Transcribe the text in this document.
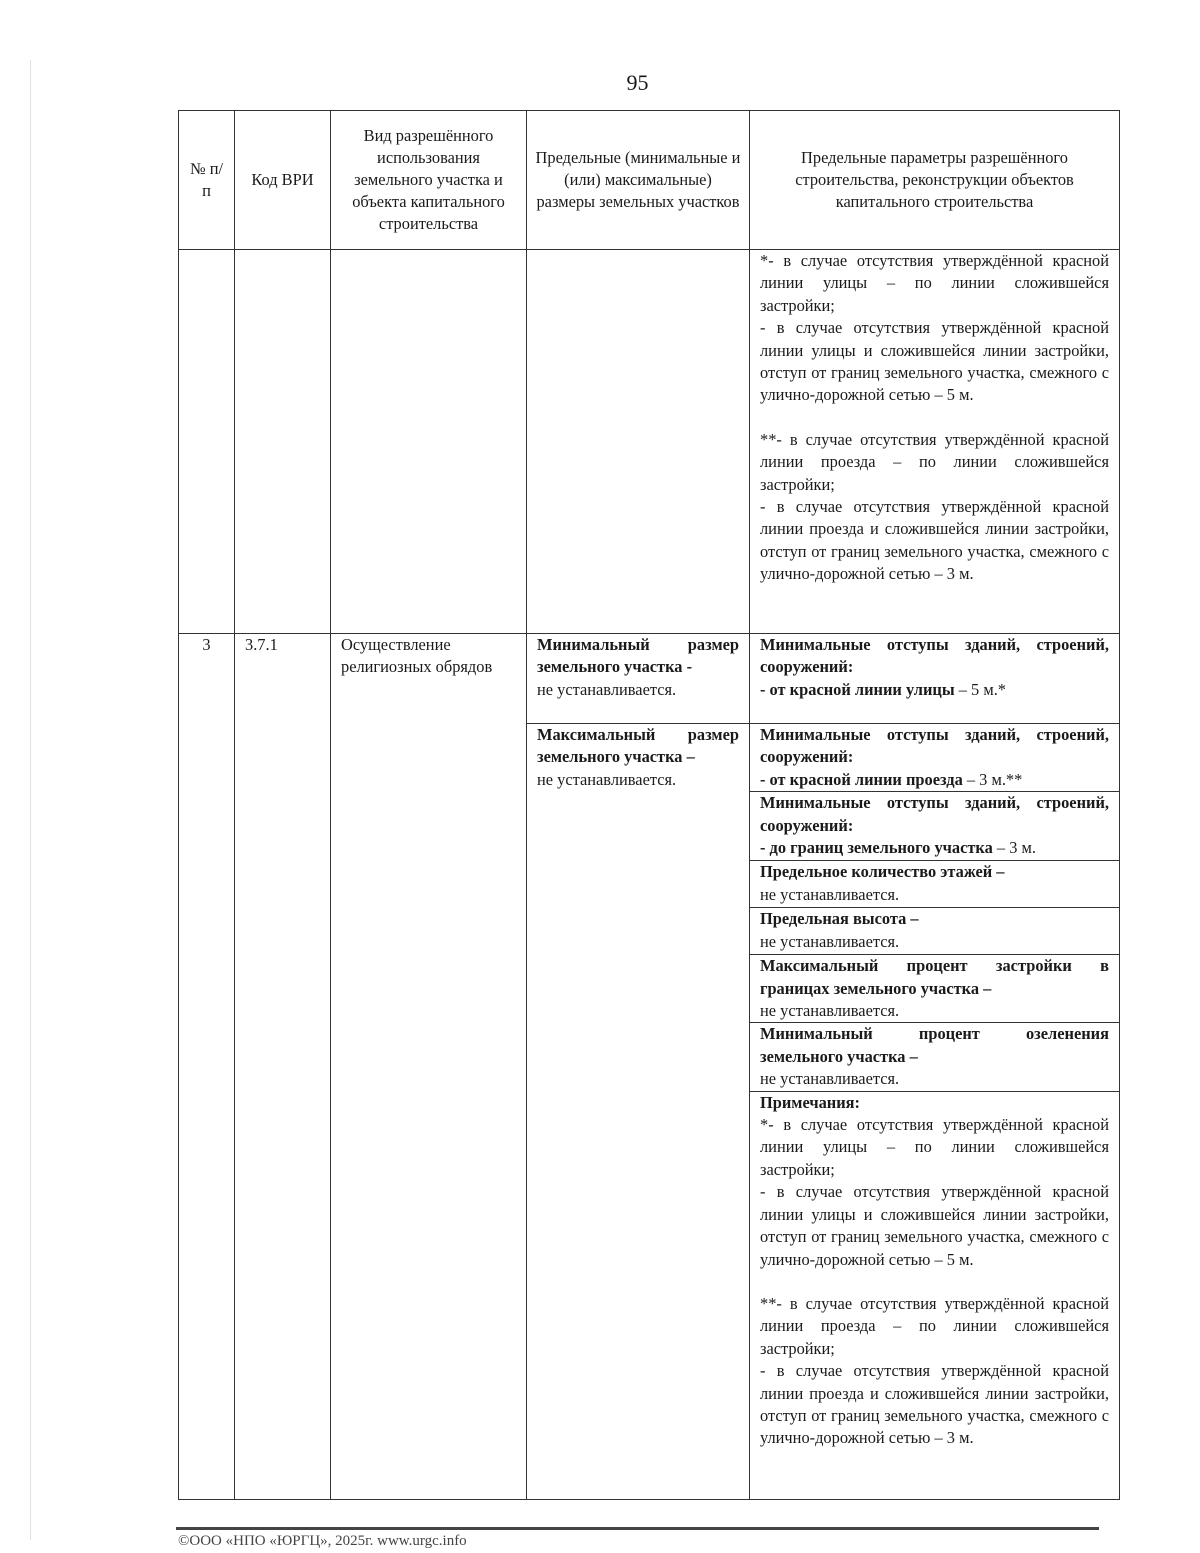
95
№ п/п	Код ВРИ	Вид разрешённого использования земельного участка и объекта капитального строительства	Предельные (минимальные и (или) максимальные) размеры земельных участков	Предельные параметры разрешённого строительства, реконструкции объектов капитального строительства

				*- в случае отсутствия утверждённой красной линии улицы – по линии сложившейся застройки;
- в случае отсутствия утверждённой красной линии улицы и сложившейся линии застройки, отступ от границ земельного участка, смежного с улично-дорожной сетью – 5 м.
**- в случае отсутствия утверждённой красной линии проезда – по линии сложившейся застройки;
- в случае отсутствия утверждённой красной линии проезда и сложившейся линии застройки, отступ от границ земельного участка, смежного с улично-дорожной сетью – 3 м.

3	3.7.1	Осуществление религиозных обрядов	Минимальный размер земельного участка -
не устанавливается.	Минимальные отступы зданий, строений, сооружений:
- от красной линии улицы – 5 м.*

			Максимальный размер земельного участка –
не устанавливается.	Минимальные отступы зданий, строений, сооружений:
- от красной линии проезда – 3 м.**

				Минимальные отступы зданий, строений, сооружений:
- до границ земельного участка – 3 м.

				Предельное количество этажей –
не устанавливается.

				Предельная высота –
не устанавливается.

				Максимальный процент застройки в границах земельного участка –
не устанавливается.

				Минимальный процент озеленения земельного участка –
не устанавливается.

				Примечания:
*- в случае отсутствия утверждённой красной линии улицы – по линии сложившейся застройки;
- в случае отсутствия утверждённой красной линии улицы и сложившейся линии застройки, отступ от границ земельного участка, смежного с улично-дорожной сетью – 5 м.
**- в случае отсутствия утверждённой красной линии проезда – по линии сложившейся застройки;
- в случае отсутствия утверждённой красной линии проезда и сложившейся линии застройки, отступ от границ земельного участка, смежного с улично-дорожной сетью – 3 м.
©ООО «НПО «ЮРГЦ», 2025г. www.urgc.info
